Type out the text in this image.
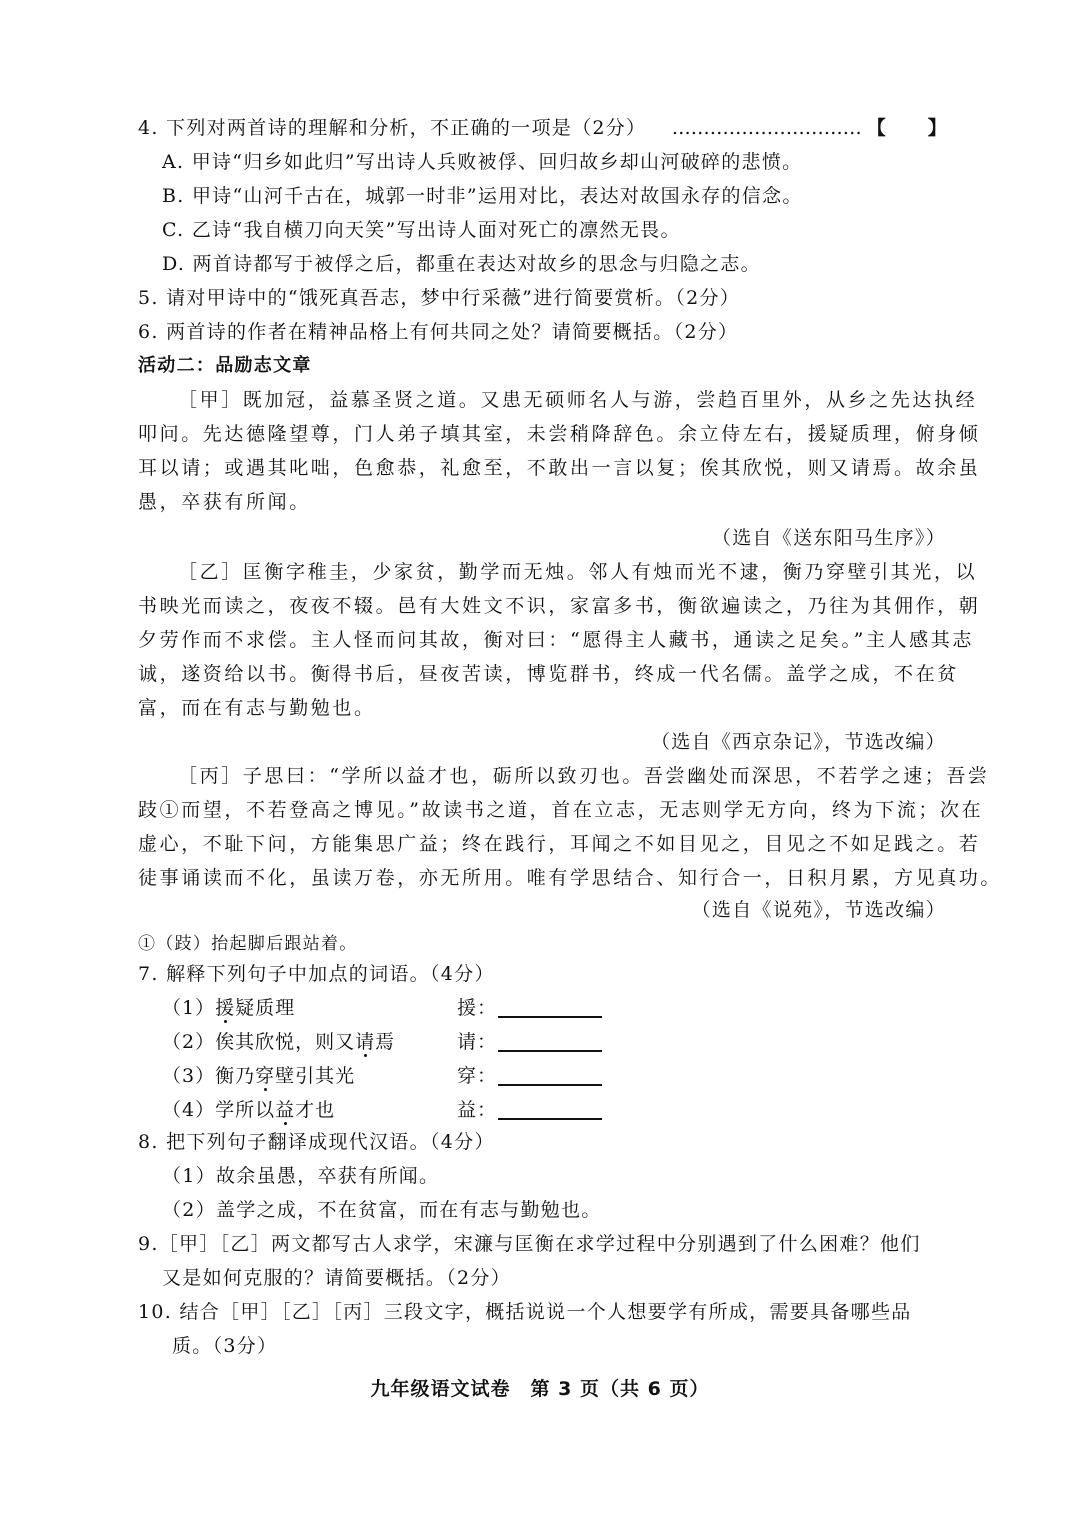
4. 下列对两首诗的理解和分析，不正确的一项是（2分） ………………………… 【　　】
A. 甲诗“归乡如此归”写出诗人兵败被俘、回归故乡却山河破碎的悲愤。
B. 甲诗“山河千古在，城郭一时非”运用对比，表达对故国永存的信念。
C. 乙诗“我自横刀向天笑”写出诗人面对死亡的凛然无畏。
D. 两首诗都写于被俘之后，都重在表达对故乡的思念与归隐之志。
5. 请对甲诗中的“饿死真吾志，梦中行采薇”进行简要赏析。（2分）
6. 两首诗的作者在精神品格上有何共同之处？请简要概括。（2分）
活动二：品励志文章
［甲］既加冠，益慕圣贤之道。又患无硕师名人与游，尝趋百里外，从乡之先达执经
叩问。先达德隆望尊，门人弟子填其室，未尝稍降辞色。余立侍左右，援疑质理，俯身倾
耳以请；或遇其叱咄，色愈恭，礼愈至，不敢出一言以复；俟其欣悦，则又请焉。故余虽
愚，卒获有所闻。
（选自《送东阳马生序》）
［乙］匡衡字稚圭，少家贫，勤学而无烛。邻人有烛而光不逮，衡乃穿壁引其光，以
书映光而读之，夜夜不辍。邑有大姓文不识，家富多书，衡欲遍读之，乃往为其佣作，朝
夕劳作而不求偿。主人怪而问其故，衡对曰：“愿得主人藏书，通读之足矣。”主人感其志
诚，遂资给以书。衡得书后，昼夜苦读，博览群书，终成一代名儒。盖学之成，不在贫
富，而在有志与勤勉也。
（选自《西京杂记》，节选改编）
［丙］子思曰：“学所以益才也，砺所以致刃也。吾尝幽处而深思，不若学之速；吾尝
跂①而望，不若登高之博见。”故读书之道，首在立志，无志则学无方向，终为下流；次在
虚心，不耻下问，方能集思广益；终在践行，耳闻之不如目见之，目见之不如足践之。若
徒事诵读而不化，虽读万卷，亦无所用。唯有学思结合、知行合一，日积月累，方见真功。
（选自《说苑》，节选改编）
①（跂）抬起脚后跟站着。
7. 解释下列句子中加点的词语。（4分）
（1）援疑质理	援：
（2）俟其欣悦，则又请焉	请：
（3）衡乃穿壁引其光	穿：
（4）学所以益才也	益：
8. 把下列句子翻译成现代汉语。（4分）
（1）故余虽愚，卒获有所闻。
（2）盖学之成，不在贫富，而在有志与勤勉也。
9.［甲］［乙］两文都写古人求学，宋濂与匡衡在求学过程中分别遇到了什么困难？他们
又是如何克服的？请简要概括。（2分）
10. 结合［甲］［乙］［丙］三段文字，概括说说一个人想要学有所成，需要具备哪些品
质。（3分）
九年级语文试卷　第 3 页（共 6 页）
